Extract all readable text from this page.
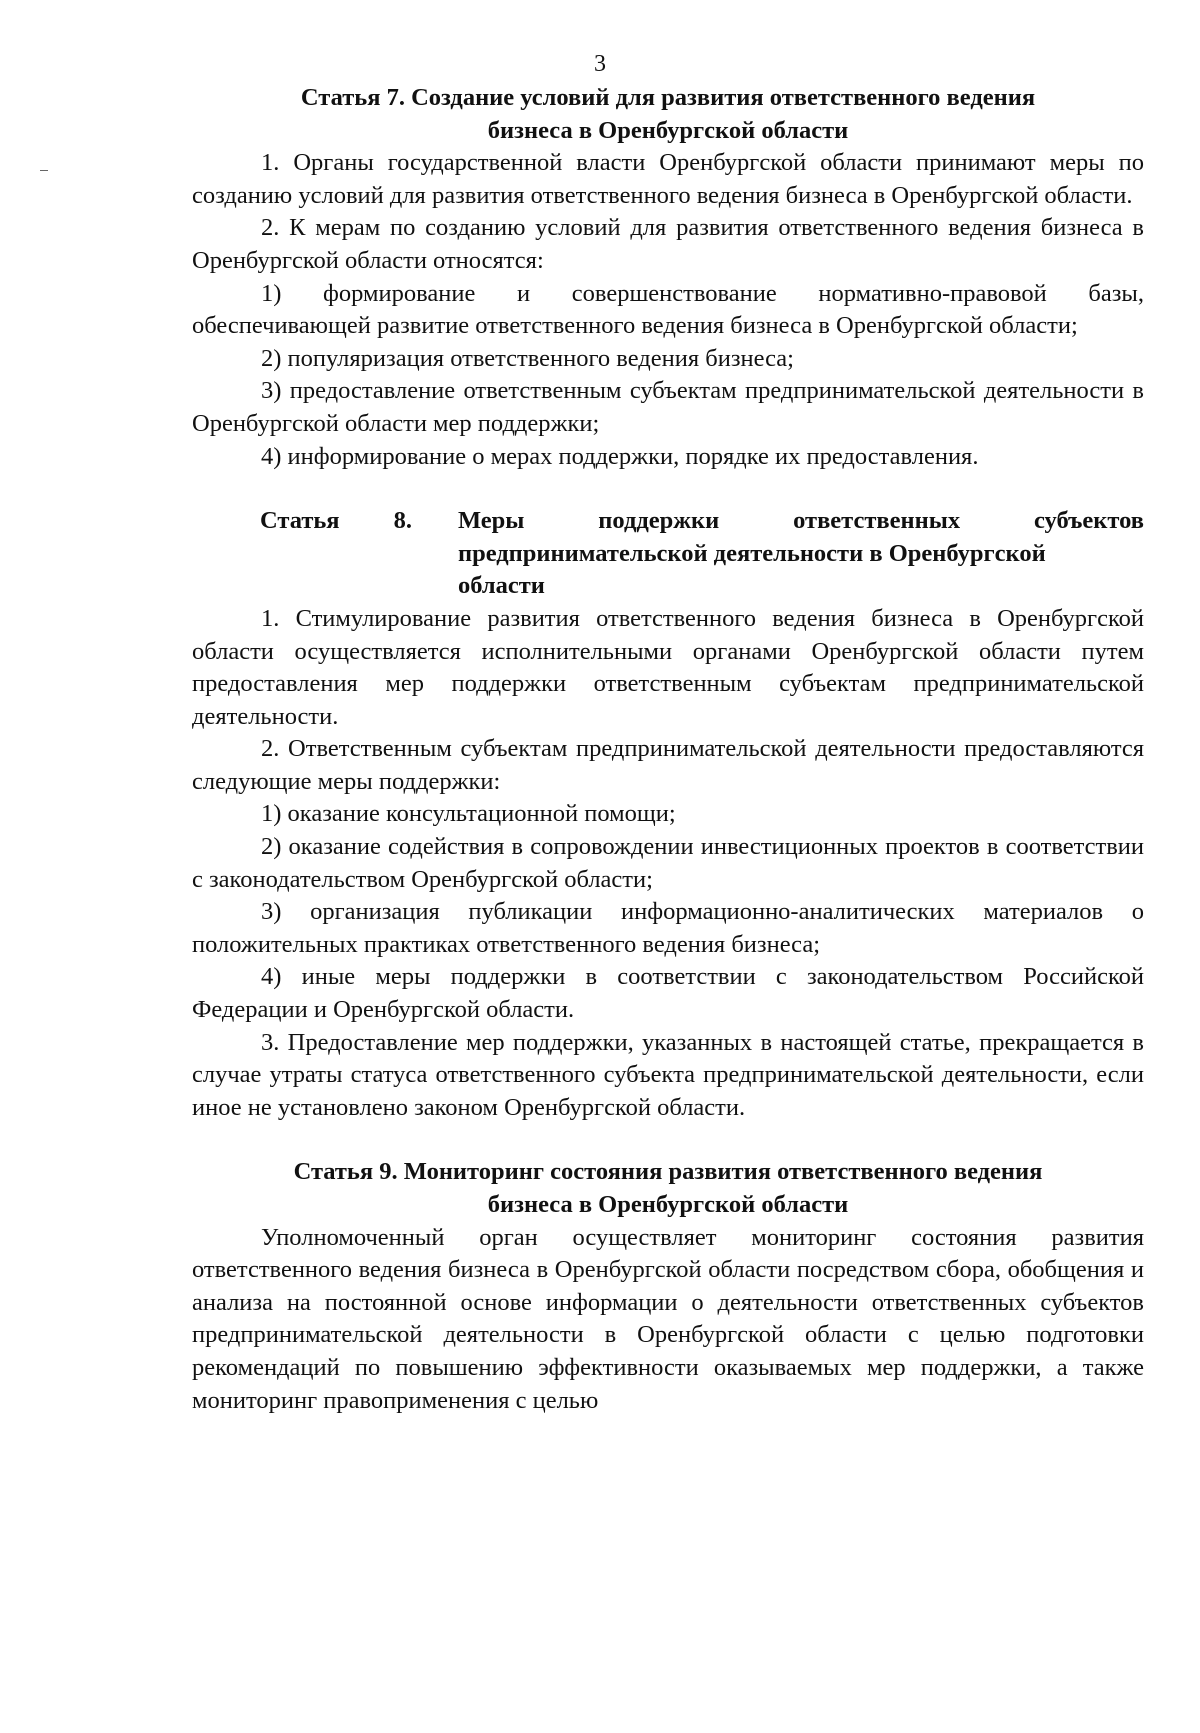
3
Статья 7. Создание условий для развития ответственного ведения
бизнеса в Оренбургской области

1. Органы государственной власти Оренбургской области принимают меры по созданию условий для развития ответственного ведения бизнеса в Оренбургской области.

2. К мерам по созданию условий для развития ответственного ведения бизнеса в Оренбургской области относятся:

1) формирование и совершенствование нормативно-правовой базы, обеспечивающей развитие ответственного ведения бизнеса в Оренбургской области;

2) популяризация ответственного ведения бизнеса;

3) предоставление ответственным субъектам предпринимательской деятельности в Оренбургской области мер поддержки;

4) информирование о мерах поддержки, порядке их предоставления.

Статья 8. Меры	поддержки	ответственных	субъектов
предпринимательской деятельности в Оренбургской
области

1. Стимулирование развития ответственного ведения бизнеса в Оренбургской области осуществляется исполнительными органами Оренбургской области путем предоставления мер поддержки ответственным субъектам предпринимательской деятельности.

2. Ответственным субъектам предпринимательской деятельности предоставляются следующие меры поддержки:

1) оказание консультационной помощи;

2) оказание содействия в сопровождении инвестиционных проектов в соответствии с законодательством Оренбургской области;

3) организация публикации информационно-аналитических материалов о положительных практиках ответственного ведения бизнеса;

4) иные меры поддержки в соответствии с законодательством Российской Федерации и Оренбургской области.

3. Предоставление мер поддержки, указанных в настоящей статье, прекращается в случае утраты статуса ответственного субъекта предпринимательской деятельности, если иное не установлено законом Оренбургской области.

Статья 9. Мониторинг состояния развития ответственного ведения
бизнеса в Оренбургской области

Уполномоченный орган осуществляет мониторинг состояния развития ответственного ведения бизнеса в Оренбургской области посредством сбора, обобщения и анализа на постоянной основе информации о деятельности ответственных субъектов предпринимательской деятельности в Оренбургской области с целью подготовки рекомендаций по повышению эффективности оказываемых мер поддержки, а также мониторинг правоприменения с целью
